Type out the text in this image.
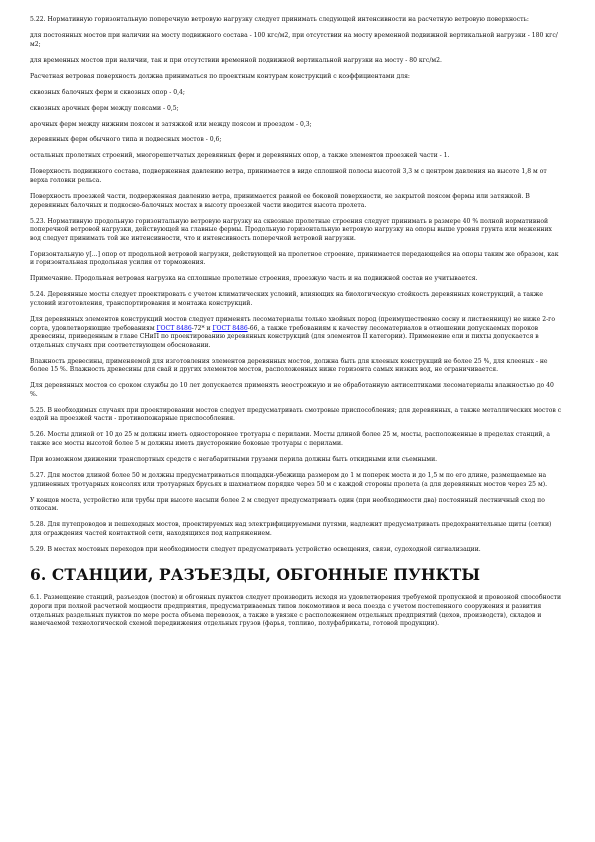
5.22. Нормативную горизонтальную поперечную ветровую нагрузку следует принимать следующей интенсивности на расчетную ветровую поверхность:

для постоянных мостов при наличии на мосту подвижного состава - 100 кгс/м2, при отсутствии на мосту временной подвижной вертикальной нагрузки - 180 кгс/м2;

для временных мостов при наличии, так и при отсутствии временной подвижной вертикальной нагрузки на мосту - 80 кгс/м2.

Расчетная ветровая поверхность должна приниматься по проектным контурам конструкций с коэффициентами для:

сквозных балочных ферм и сквозных опор - 0,4;

сквозных арочных ферм между поясами - 0,5;

арочных ферм между нижним поясом и затяжкой или между поясом и проездом - 0,3;

деревянных ферм обычного типа и подвесных мостов - 0,6;

остальных пролетных строений, многорешетчатых деревянных ферм и деревянных опор, а также элементов проезжей части - 1.

Поверхность подвижного состава, подверженная давлению ветра, принимается в виде сплошной полосы высотой 3,3 м с центром давления на высоте 1,8 м от верха головки рельса.

Поверхность проезжей части, подверженная давлению ветра, принимается равной ее боковой поверхности, не закрытой поясом фермы или затяжкой. В деревянных балочных и подкосно-балочных мостах в высоту проезжей части вводится высота пролета.

5.23. Нормативную продольную горизонтальную ветровую нагрузку на сквозные пролетные строения следует принимать в размере 40 % полной нормативной поперечной ветровой нагрузки, действующей на главные фермы. Продольную горизонтальную ветровую нагрузку на опоры выше уровня грунта или меженних вод следует принимать той же интенсивности, что и интенсивность поперечной ветровой нагрузки.

Горизонтальную у[...] опор от продольной ветровой нагрузки, действующей на пролетное строение, принимается передающейся на опоры таким же образом, как и горизонтальная продольная усилия от торможения.

Примечание. Продольная ветровая нагрузка на сплошные пролетные строения, проезжую часть и на подвижной состав не учитывается.

5.24. Деревянные мосты следует проектировать с учетом климатических условий, влияющих на биологическую стойкость деревянных конструкций, а также условий изготовления, транспортирования и монтажа конструкций.

Для деревянных элементов конструкций мостов следует применять лесоматериалы только хвойных пород (преимущественно сосну и лиственницу) не ниже 2-го сорта, удовлетворяющие требованиям ГОСТ 8486-72* и ГОСТ 8486-66, а также требованиям к качеству лесоматериалов в отношении допускаемых пороков древесины, приведенным в главе СНиП по проектированию деревянных конструкций (для элементов II категории). Применение ели и пихты допускается в отдельных случаях при соответствующем обосновании.

Влажность древесины, применяемой для изготовления элементов деревянных мостов, должна быть для клееных конструкций не более 25 %, для клееных - не более 15 %. Влажность древесины для свай и других элементов мостов, расположенных ниже горизонта самых низких вод, не ограничивается.

Для деревянных мостов со сроком службы до 10 лет допускается применять неострожную и не обработанную антисептиками лесоматериалы влажностью до 40 %.

5.25. В необходимых случаях при проектировании мостов следует предусматривать смотровые приспособления; для деревянных, а также металлических мостов с ездой на проезжей части - противопожарные приспособления.

5.26. Мосты длиной от 10 до 25 м должны иметь одностороннее тротуары с перилами. Мосты длиной более 25 м, мосты, расположенные в пределах станций, а также все мосты высотой более 5 м должны иметь двусторонние боковые тротуары с перилами.

При возможном движении транспортных средств с негабаритными грузами перила должны быть откидными или съемными.

5.27. Для мостов длиной более 50 м должны предусматриваться площадки-убежища размером до 1 м поперек моста и до 1,5 м по его длине, размещаемые на удлиненных тротуарных консолях или тротуарных брусьях в шахматном порядке через 50 м с каждой стороны пролета (а для деревянных мостов через 25 м).

У концов моста, устройство или трубы при высоте насыпи более 2 м следует предусматривать один (при необходимости два) постоянный лестничный сход по откосам.

5.28. Для путепроводов и пешеходных мостов, проектируемых над электрифицируемыми путями, надлежит предусматривать предохранительные щиты (сетки) для ограждения частей контактной сети, находящихся под напряжением.

5.29. В местах мостовых переходов при необходимости следует предусматривать устройство освещения, связи, судоходной сигнализации.

6. СТАНЦИИ, РАЗЪЕЗДЫ, ОБГОННЫЕ ПУНКТЫ

6.1. Размещение станций, разъездов (постов) и обгонных пунктов следует производить исходя из удовлетворения требуемой пропускной и провозной способности дороги при полной расчетной мощности предприятия, предусматриваемых типов локомотивов и веса поезда с учетом постепенного сооружения и развития отдельных раздельных пунктов по мере роста объема перевозок, а также в увязке с расположением отдельных предприятий (цехов, производств), складов и намечаемой технологической схемой передвижения отдельных грузов (фарья, топливо, полуфабрикаты, готовой продукции).
